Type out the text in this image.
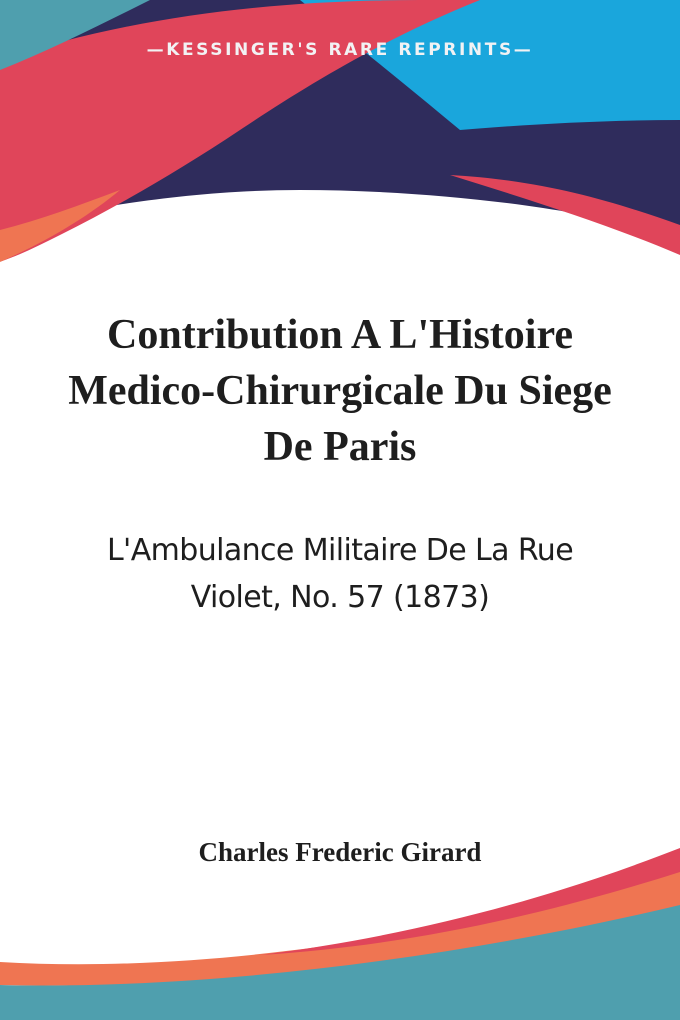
—KESSINGER'S RARE REPRINTS—
Contribution A L'Histoire Medico-Chirurgicale Du Siege De Paris

L'Ambulance Militaire De La Rue Violet, No. 57 (1873)

Charles Frederic Girard
